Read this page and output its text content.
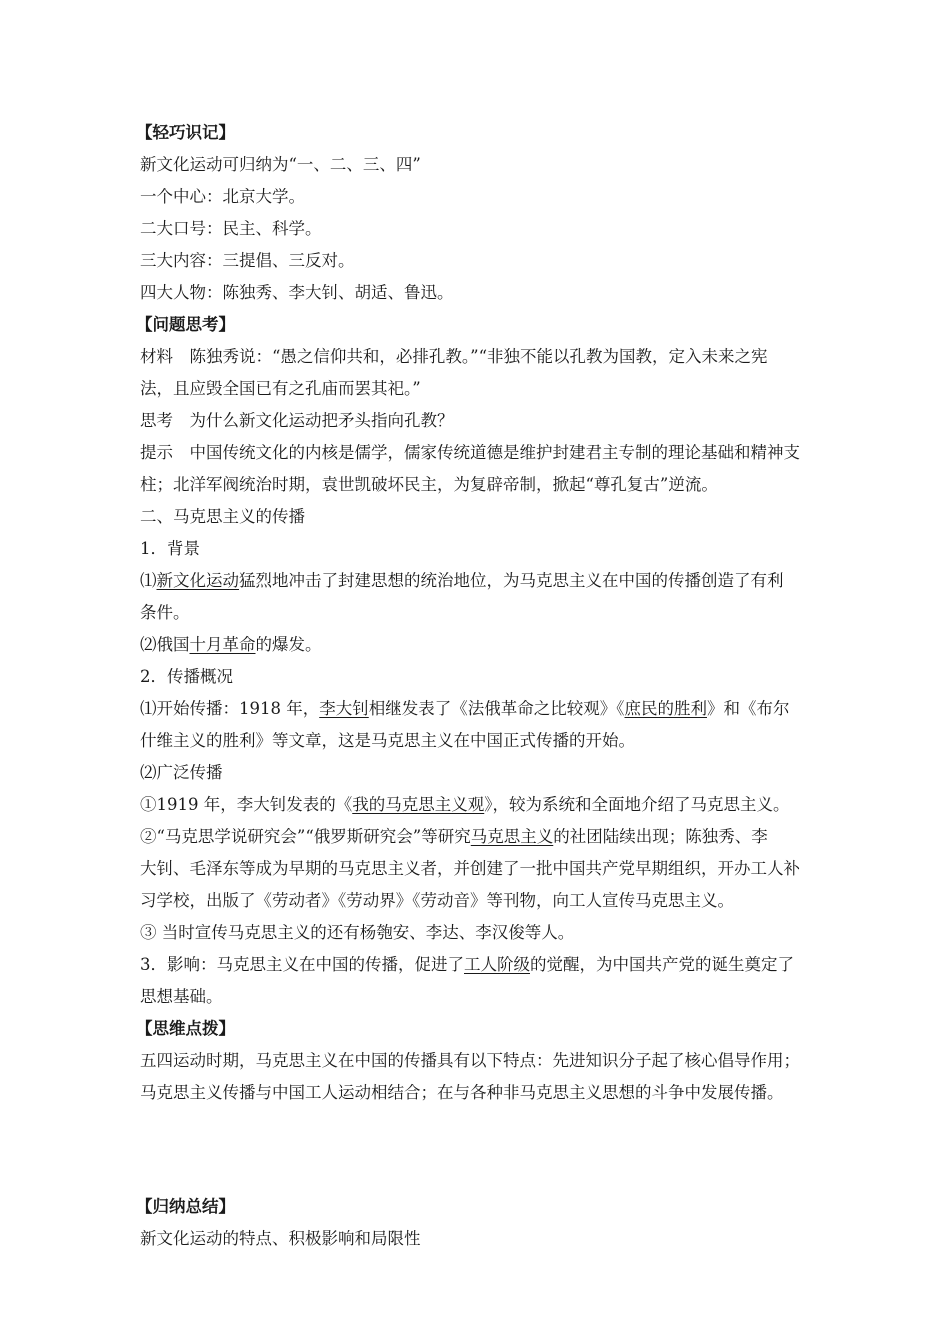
【轻巧识记】
新文化运动可归纳为“一、二、三、四”
一个中心：北京大学。
二大口号：民主、科学。
三大内容：三提倡、三反对。
四大人物：陈独秀、李大钊、胡适、鲁迅。
【问题思考】
材料　陈独秀说：“愚之信仰共和，必排孔教。”“非独不能以孔教为国教，定入未来之宪
法，且应毁全国已有之孔庙而罢其祀。”
思考　为什么新文化运动把矛头指向孔教？
提示　中国传统文化的内核是儒学，儒家传统道德是维护封建君主专制的理论基础和精神支
柱；北洋军阀统治时期，袁世凯破坏民主，为复辟帝制，掀起“尊孔复古”逆流。
二、马克思主义的传播
1．背景
⑴新文化运动猛烈地冲击了封建思想的统治地位，为马克思主义在中国的传播创造了有利
条件。
⑵俄国十月革命的爆发。
2．传播概况
⑴开始传播：1918 年，李大钊相继发表了《法俄革命之比较观》《庶民的胜利》和《布尔
什维主义的胜利》等文章，这是马克思主义在中国正式传播的开始。
⑵广泛传播
①1919 年，李大钊发表的《我的马克思主义观》，较为系统和全面地介绍了马克思主义。
②“马克思学说研究会”“俄罗斯研究会”等研究马克思主义的社团陆续出现；陈独秀、李
大钊、毛泽东等成为早期的马克思主义者，并创建了一批中国共产党早期组织，开办工人补
习学校，出版了《劳动者》《劳动界》《劳动音》等刊物，向工人宣传马克思主义。
③ 当时宣传马克思主义的还有杨匏安、李达、李汉俊等人。
3．影响：马克思主义在中国的传播，促进了工人阶级的觉醒，为中国共产党的诞生奠定了
思想基础。
【思维点拨】
五四运动时期，马克思主义在中国的传播具有以下特点：先进知识分子起了核心倡导作用；
马克思主义传播与中国工人运动相结合；在与各种非马克思主义思想的斗争中发展传播。
【归纳总结】
新文化运动的特点、积极影响和局限性
